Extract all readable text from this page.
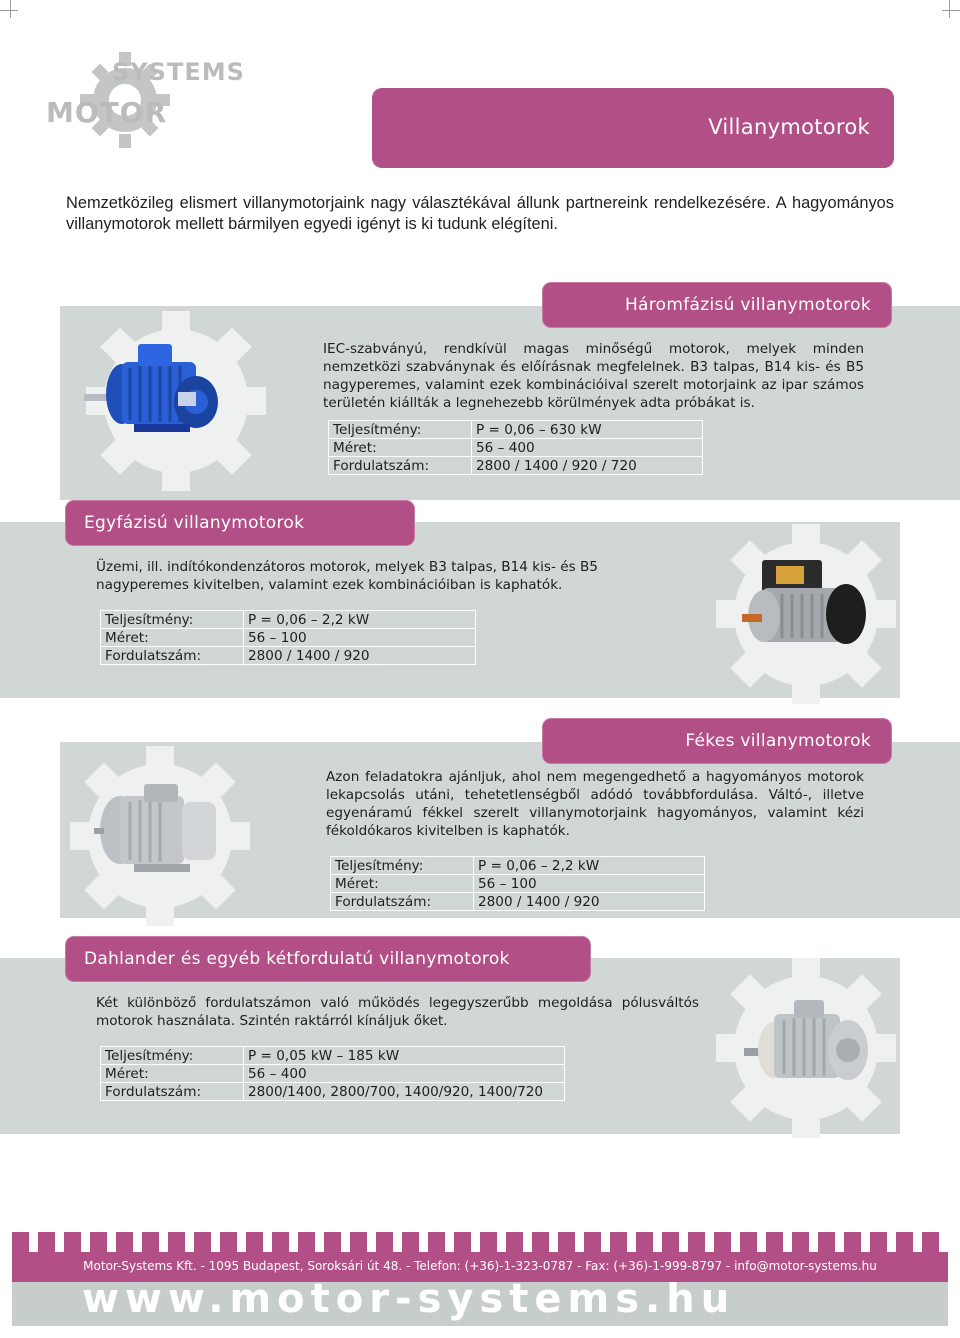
SYSTEMS
MOTOR	Villanymotorok
Nemzetközileg elismert villanymotorjaink nagy választékával állunk partnereink rendelkezésére. A hagyományos villanymotorok mellett bármilyen egyedi igényt is ki tudunk elégíteni.
Háromfázisú villanymotorok
IEC-szabványú, rendkívül magas minőségű motorok, melyek minden nemzetközi szabványnak és előírásnak megfelelnek. B3 talpas, B14 kis- és B5 nagyperemes, valamint ezek kombinációival szerelt motorjaink az ipar számos területén kiállták a legnehezebb körülmények adta próbákat is.
Teljesítmény:	P = 0,06 – 630 kW
Méret:	56 – 400
Fordulatszám:	2800 / 1400 / 920 / 720
Egyfázisú villanymotorok
Üzemi, ill. indítókondenzátoros motorok, melyek B3 talpas, B14 kis- és B5 nagyperemes kivitelben, valamint ezek kombinációiban is kaphatók.
Teljesítmény:	P = 0,06 – 2,2 kW
Méret:	56 – 100
Fordulatszám:	2800 / 1400 / 920
Fékes villanymotorok
Azon feladatokra ajánljuk, ahol nem megengedhető a hagyományos motorok lekapcsolás utáni, tehetetlenségből adódó továbbfordulása. Váltó-, illetve egyenáramú fékkel szerelt villanymotorjaink hagyományos, valamint kézi fékoldókaros kivitelben is kaphatók.
Teljesítmény:	P = 0,06 – 2,2 kW
Méret:	56 – 100
Fordulatszám:	2800 / 1400 / 920
Dahlander és egyéb kétfordulatú villanymotorok
Két különböző fordulatszámon való működés legegyszerűbb megoldása pólusváltós motorok használata. Szintén raktárról kínáljuk őket.
Teljesítmény:	P = 0,05 kW – 185 kW
Méret:	56 – 400
Fordulatszám:	2800/1400, 2800/700, 1400/920, 1400/720
Motor-Systems Kft. - 1095 Budapest, Soroksári út 48. - Telefon: (+36)-1-323-0787 - Fax: (+36)-1-999-8797 - info@motor-systems.hu
www.motor-systems.hu
